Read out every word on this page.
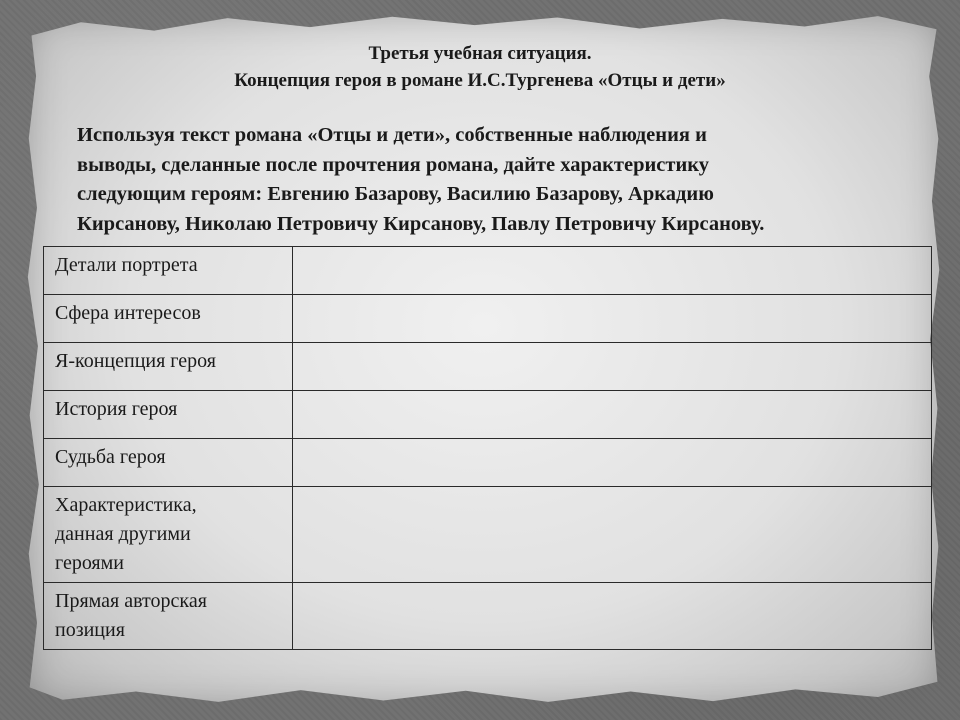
Третья учебная ситуация.
Концепция героя в романе И.С.Тургенева «Отцы и дети»
Используя текст романа «Отцы и дети», собственные наблюдения и
выводы, сделанные после прочтения романа, дайте характеристику
следующим героям: Евгению Базарову, Василию Базарову, Аркадию
Кирсанову, Николаю Петровичу Кирсанову, Павлу Петровичу Кирсанову.
Детали портрета	
Сфера интересов	
Я-концепция героя	
История героя	
Судьба героя	
Характеристика,
данная другими
героями	
Прямая авторская
позиция	
